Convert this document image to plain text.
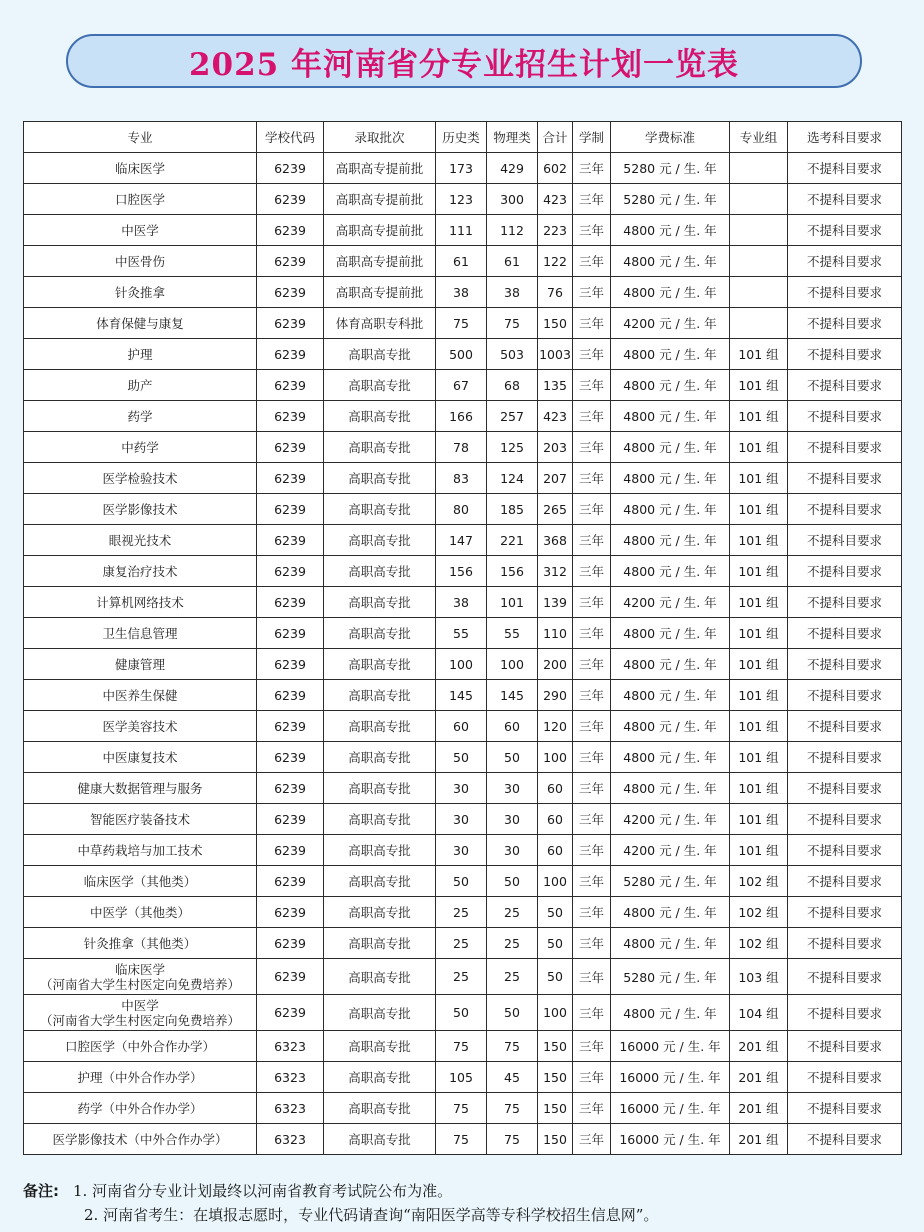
2025 年河南省分专业招生计划一览表
专业	学校代码	录取批次	历史类	物理类	合计	学制	学费标准	专业组	选考科目要求
临床医学	6239	高职高专提前批	173	429	602	三年	5280 元 / 生. 年		不提科目要求
口腔医学	6239	高职高专提前批	123	300	423	三年	5280 元 / 生. 年		不提科目要求
中医学	6239	高职高专提前批	111	112	223	三年	4800 元 / 生. 年		不提科目要求
中医骨伤	6239	高职高专提前批	61	61	122	三年	4800 元 / 生. 年		不提科目要求
针灸推拿	6239	高职高专提前批	38	38	76	三年	4800 元 / 生. 年		不提科目要求
体育保健与康复	6239	体育高职专科批	75	75	150	三年	4200 元 / 生. 年		不提科目要求
护理	6239	高职高专批	500	503	1003	三年	4800 元 / 生. 年	101 组	不提科目要求
助产	6239	高职高专批	67	68	135	三年	4800 元 / 生. 年	101 组	不提科目要求
药学	6239	高职高专批	166	257	423	三年	4800 元 / 生. 年	101 组	不提科目要求
中药学	6239	高职高专批	78	125	203	三年	4800 元 / 生. 年	101 组	不提科目要求
医学检验技术	6239	高职高专批	83	124	207	三年	4800 元 / 生. 年	101 组	不提科目要求
医学影像技术	6239	高职高专批	80	185	265	三年	4800 元 / 生. 年	101 组	不提科目要求
眼视光技术	6239	高职高专批	147	221	368	三年	4800 元 / 生. 年	101 组	不提科目要求
康复治疗技术	6239	高职高专批	156	156	312	三年	4800 元 / 生. 年	101 组	不提科目要求
计算机网络技术	6239	高职高专批	38	101	139	三年	4200 元 / 生. 年	101 组	不提科目要求
卫生信息管理	6239	高职高专批	55	55	110	三年	4800 元 / 生. 年	101 组	不提科目要求
健康管理	6239	高职高专批	100	100	200	三年	4800 元 / 生. 年	101 组	不提科目要求
中医养生保健	6239	高职高专批	145	145	290	三年	4800 元 / 生. 年	101 组	不提科目要求
医学美容技术	6239	高职高专批	60	60	120	三年	4800 元 / 生. 年	101 组	不提科目要求
中医康复技术	6239	高职高专批	50	50	100	三年	4800 元 / 生. 年	101 组	不提科目要求
健康大数据管理与服务	6239	高职高专批	30	30	60	三年	4800 元 / 生. 年	101 组	不提科目要求
智能医疗装备技术	6239	高职高专批	30	30	60	三年	4200 元 / 生. 年	101 组	不提科目要求
中草药栽培与加工技术	6239	高职高专批	30	30	60	三年	4200 元 / 生. 年	101 组	不提科目要求
临床医学（其他类）	6239	高职高专批	50	50	100	三年	5280 元 / 生. 年	102 组	不提科目要求
中医学（其他类）	6239	高职高专批	25	25	50	三年	4800 元 / 生. 年	102 组	不提科目要求
针灸推拿（其他类）	6239	高职高专批	25	25	50	三年	4800 元 / 生. 年	102 组	不提科目要求
临床医学
（河南省大学生村医定向免费培养）	6239	高职高专批	25	25	50	三年	5280 元 / 生. 年	103 组	不提科目要求
中医学
（河南省大学生村医定向免费培养）	6239	高职高专批	50	50	100	三年	4800 元 / 生. 年	104 组	不提科目要求
口腔医学（中外合作办学）	6323	高职高专批	75	75	150	三年	16000 元 / 生. 年	201 组	不提科目要求
护理（中外合作办学）	6323	高职高专批	105	45	150	三年	16000 元 / 生. 年	201 组	不提科目要求
药学（中外合作办学）	6323	高职高专批	75	75	150	三年	16000 元 / 生. 年	201 组	不提科目要求
医学影像技术（中外合作办学）	6323	高职高专批	75	75	150	三年	16000 元 / 生. 年	201 组	不提科目要求
备注: 1. 河南省分专业计划最终以河南省教育考试院公布为准。
2. 河南省考生：在填报志愿时，专业代码请查询“南阳医学高等专科学校招生信息网”。
